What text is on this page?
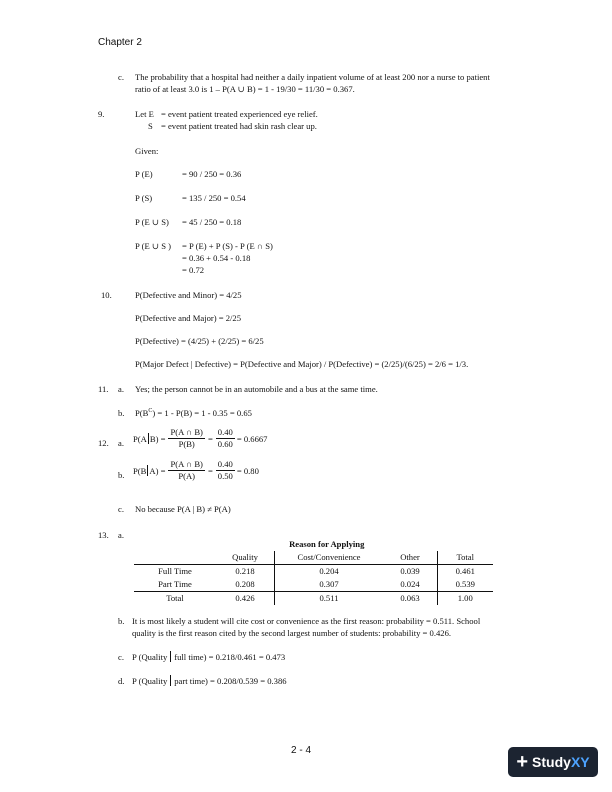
Chapter 2
c. The probability that a hospital had neither a daily inpatient volume of at least 200 nor a nurse to patient
ratio of at least 3.0 is 1 – P(A ∪ B) = 1 - 19/30 = 11/30 = 0.367.
9.	Let E = event patient treated experienced eye relief.
S = event patient treated had skin rash clear up.
Given:
P (E)	= 90 / 250 = 0.36
P (S)	= 135 / 250 = 0.54
P (E ∪ S) = 45 / 250 = 0.18
P (E ∪ S ) = P (E) + P (S) - P (E ∩ S)
= 0.36 + 0.54 - 0.18
= 0.72
10.	P(Defective and Minor) = 4/25
P(Defective and Major) = 2/25
P(Defective) = (4/25) + (2/25) = 6/25
P(Major Defect | Defective) = P(Defective and Major) / P(Defective) = (2/25)/(6/25) = 2/6 = 1/3.
11. a. Yes; the person cannot be in an automobile and a bus at the same time.
b. $P(B^C) = 1 - P(B) = 1 - 0.35 = 0.65$
12. a. P(A $B) = \frac{P(A \cap B)}{P(B)} = \frac{0.40}{0.60} = 0.6667$
b. P(B $A) = \frac{P(A \cap B)}{P(A)} = \frac{0.40}{0.50} = 0.80$
c. No because P(A | B) ≠ P(A)
13. a.
	Reason for Applying			
	Quality	Cost/Convenience	Other	Total
Full Time	0.218	0.204	0.039	0.461
Part Time	0.208	0.307	0.024	0.539
Total	0.426	0.511	0.063	1.00
b. It is most likely a student will cite cost or convenience as the first reason: probability = 0.511. School
quality is the first reason cited by the second largest number of students: probability = 0.426.
c. P (Quality full time) = 0.218/0.461 = 0.473
d. P (Quality part time) = 0.208/0.539 = 0.386
2 - 4
+ StudyXY
